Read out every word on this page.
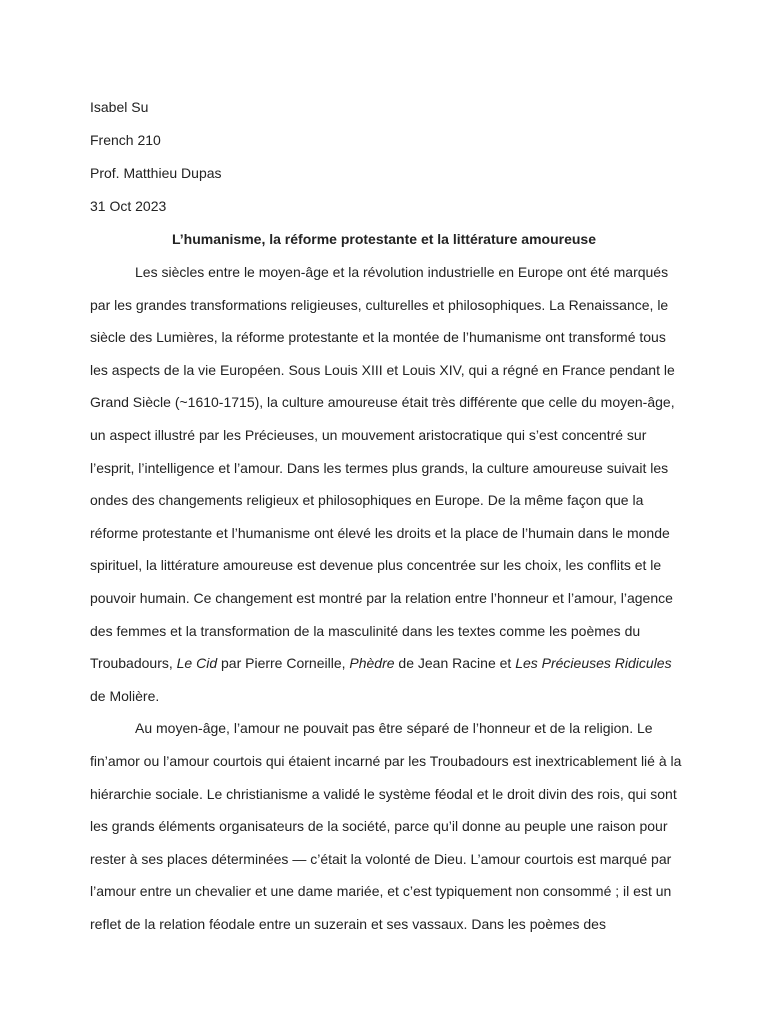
Isabel Su
French 210
Prof. Matthieu Dupas
31 Oct 2023
L’humanisme, la réforme protestante et la littérature amoureuse
Les siècles entre le moyen-âge et la révolution industrielle en Europe ont été marqués
par les grandes transformations religieuses, culturelles et philosophiques. La Renaissance, le
siècle des Lumières, la réforme protestante et la montée de l’humanisme ont transformé tous
les aspects de la vie Européen. Sous Louis XIII et Louis XIV, qui a régné en France pendant le
Grand Siècle (~1610-1715), la culture amoureuse était très différente que celle du moyen-âge,
un aspect illustré par les Précieuses, un mouvement aristocratique qui s’est concentré sur
l’esprit, l’intelligence et l’amour. Dans les termes plus grands, la culture amoureuse suivait les
ondes des changements religieux et philosophiques en Europe. De la même façon que la
réforme protestante et l’humanisme ont élevé les droits et la place de l’humain dans le monde
spirituel, la littérature amoureuse est devenue plus concentrée sur les choix, les conflits et le
pouvoir humain. Ce changement est montré par la relation entre l’honneur et l’amour, l’agence
des femmes et la transformation de la masculinité dans les textes comme les poèmes du
Troubadours, Le Cid par Pierre Corneille, Phèdre de Jean Racine et Les Précieuses Ridicules
de Molière.
Au moyen-âge, l’amour ne pouvait pas être séparé de l’honneur et de la religion. Le
fin’amor ou l’amour courtois qui étaient incarné par les Troubadours est inextricablement lié à la
hiérarchie sociale. Le christianisme a validé le système féodal et le droit divin des rois, qui sont
les grands éléments organisateurs de la société, parce qu’il donne au peuple une raison pour
rester à ses places déterminées — c’était la volonté de Dieu. L’amour courtois est marqué par
l’amour entre un chevalier et une dame mariée, et c’est typiquement non consommé ; il est un
reflet de la relation féodale entre un suzerain et ses vassaux. Dans les poèmes des
